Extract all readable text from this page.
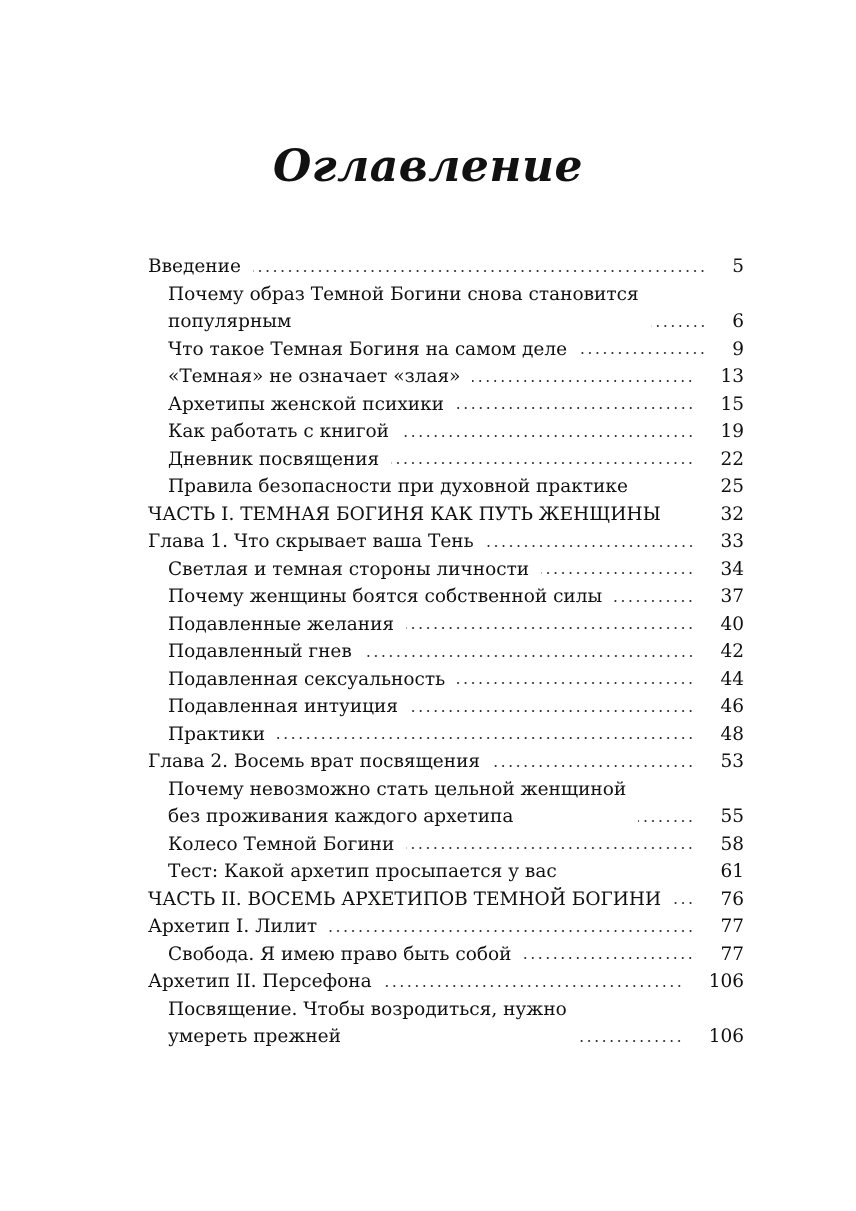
Оглавление
Введение	5
Почему образ Темной Богини снова становится
популярным	6
Что такое Темная Богиня на самом деле	9
«Темная» не означает «злая»	13
Архетипы женской психики	15
Как работать с книгой	19
Дневник посвящения	22
Правила безопасности при духовной практике	25
ЧАСТЬ I. ТЕМНАЯ БОГИНЯ КАК ПУТЬ ЖЕНЩИНЫ	32
Глава 1. Что скрывает ваша Тень	33
Светлая и темная стороны личности	34
Почему женщины боятся собственной силы	37
Подавленные желания	40
Подавленный гнев	42
Подавленная сексуальность	44
Подавленная интуиция	46
Практики	48
Глава 2. Восемь врат посвящения	53
Почему невозможно стать цельной женщиной
без проживания каждого архетипа	55
Колесо Темной Богини	58
Тест: Какой архетип просыпается у вас	61
ЧАСТЬ II. ВОСЕМЬ АРХЕТИПОВ ТЕМНОЙ БОГИНИ	76
Архетип I. Лилит	77
Свобода. Я имею право быть собой	77
Архетип II. Персефона	106
Посвящение. Чтобы возродиться, нужно
умереть прежней	106
